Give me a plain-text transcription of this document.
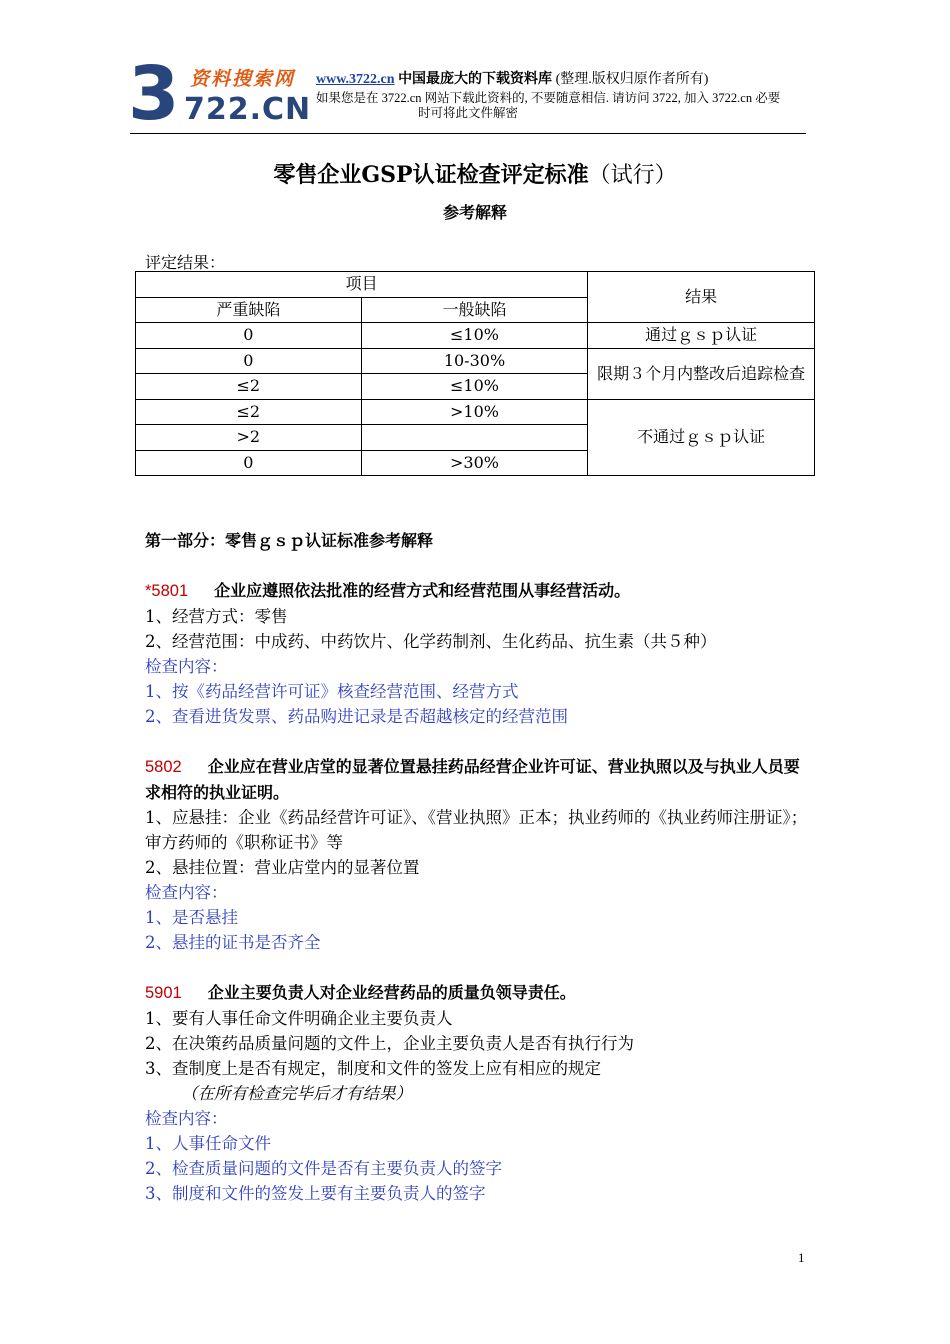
3 资料搜索网
722.CN
www.3722.cn 中国最庞大的下载资料库 (整理.版权归原作者所有)
如果您是在 3722.cn 网站下载此资料的, 不要随意相信. 请访问 3722, 加入 3722.cn 必要
时可将此文件解密
零售企业GSP认证检查评定标准（试行）
参考解释
评定结果：
项目		结果
严重缺陷	一般缺陷	
0	≤10%	通过ｇｓｐ认证
0	10-30%	限期３个月内整改后追踪检查
≤2	≤10%	
≤2	>10%	不通过ｇｓｐ认证
>2		
0	>30%	

第一部分：零售ｇｓｐ认证标准参考解释

*5801 企业应遵照依法批准的经营方式和经营范围从事经营活动。

1、经营方式：零售

2、经营范围：中成药、中药饮片、化学药制剂、生化药品、抗生素（共５种）

检查内容：

1、按《药品经营许可证》核查经营范围、经营方式

2、查看进货发票、药品购进记录是否超越核定的经营范围

5802 企业应在营业店堂的显著位置悬挂药品经营企业许可证、营业执照以及与执业人员要求相符的执业证明。

1、应悬挂：企业《药品经营许可证》、《营业执照》正本；执业药师的《执业药师注册证》；审方药师的《职称证书》等

2、悬挂位置：营业店堂内的显著位置

检查内容：

1、是否悬挂

2、悬挂的证书是否齐全

5901 企业主要负责人对企业经营药品的质量负领导责任。

1、要有人事任命文件明确企业主要负责人

2、在决策药品质量问题的文件上，企业主要负责人是否有执行行为

3、查制度上是否有规定，制度和文件的签发上应有相应的规定

（在所有检查完毕后才有结果）

检查内容：

1、人事任命文件

2、检查质量问题的文件是否有主要负责人的签字

3、制度和文件的签发上要有主要负责人的签字

1
